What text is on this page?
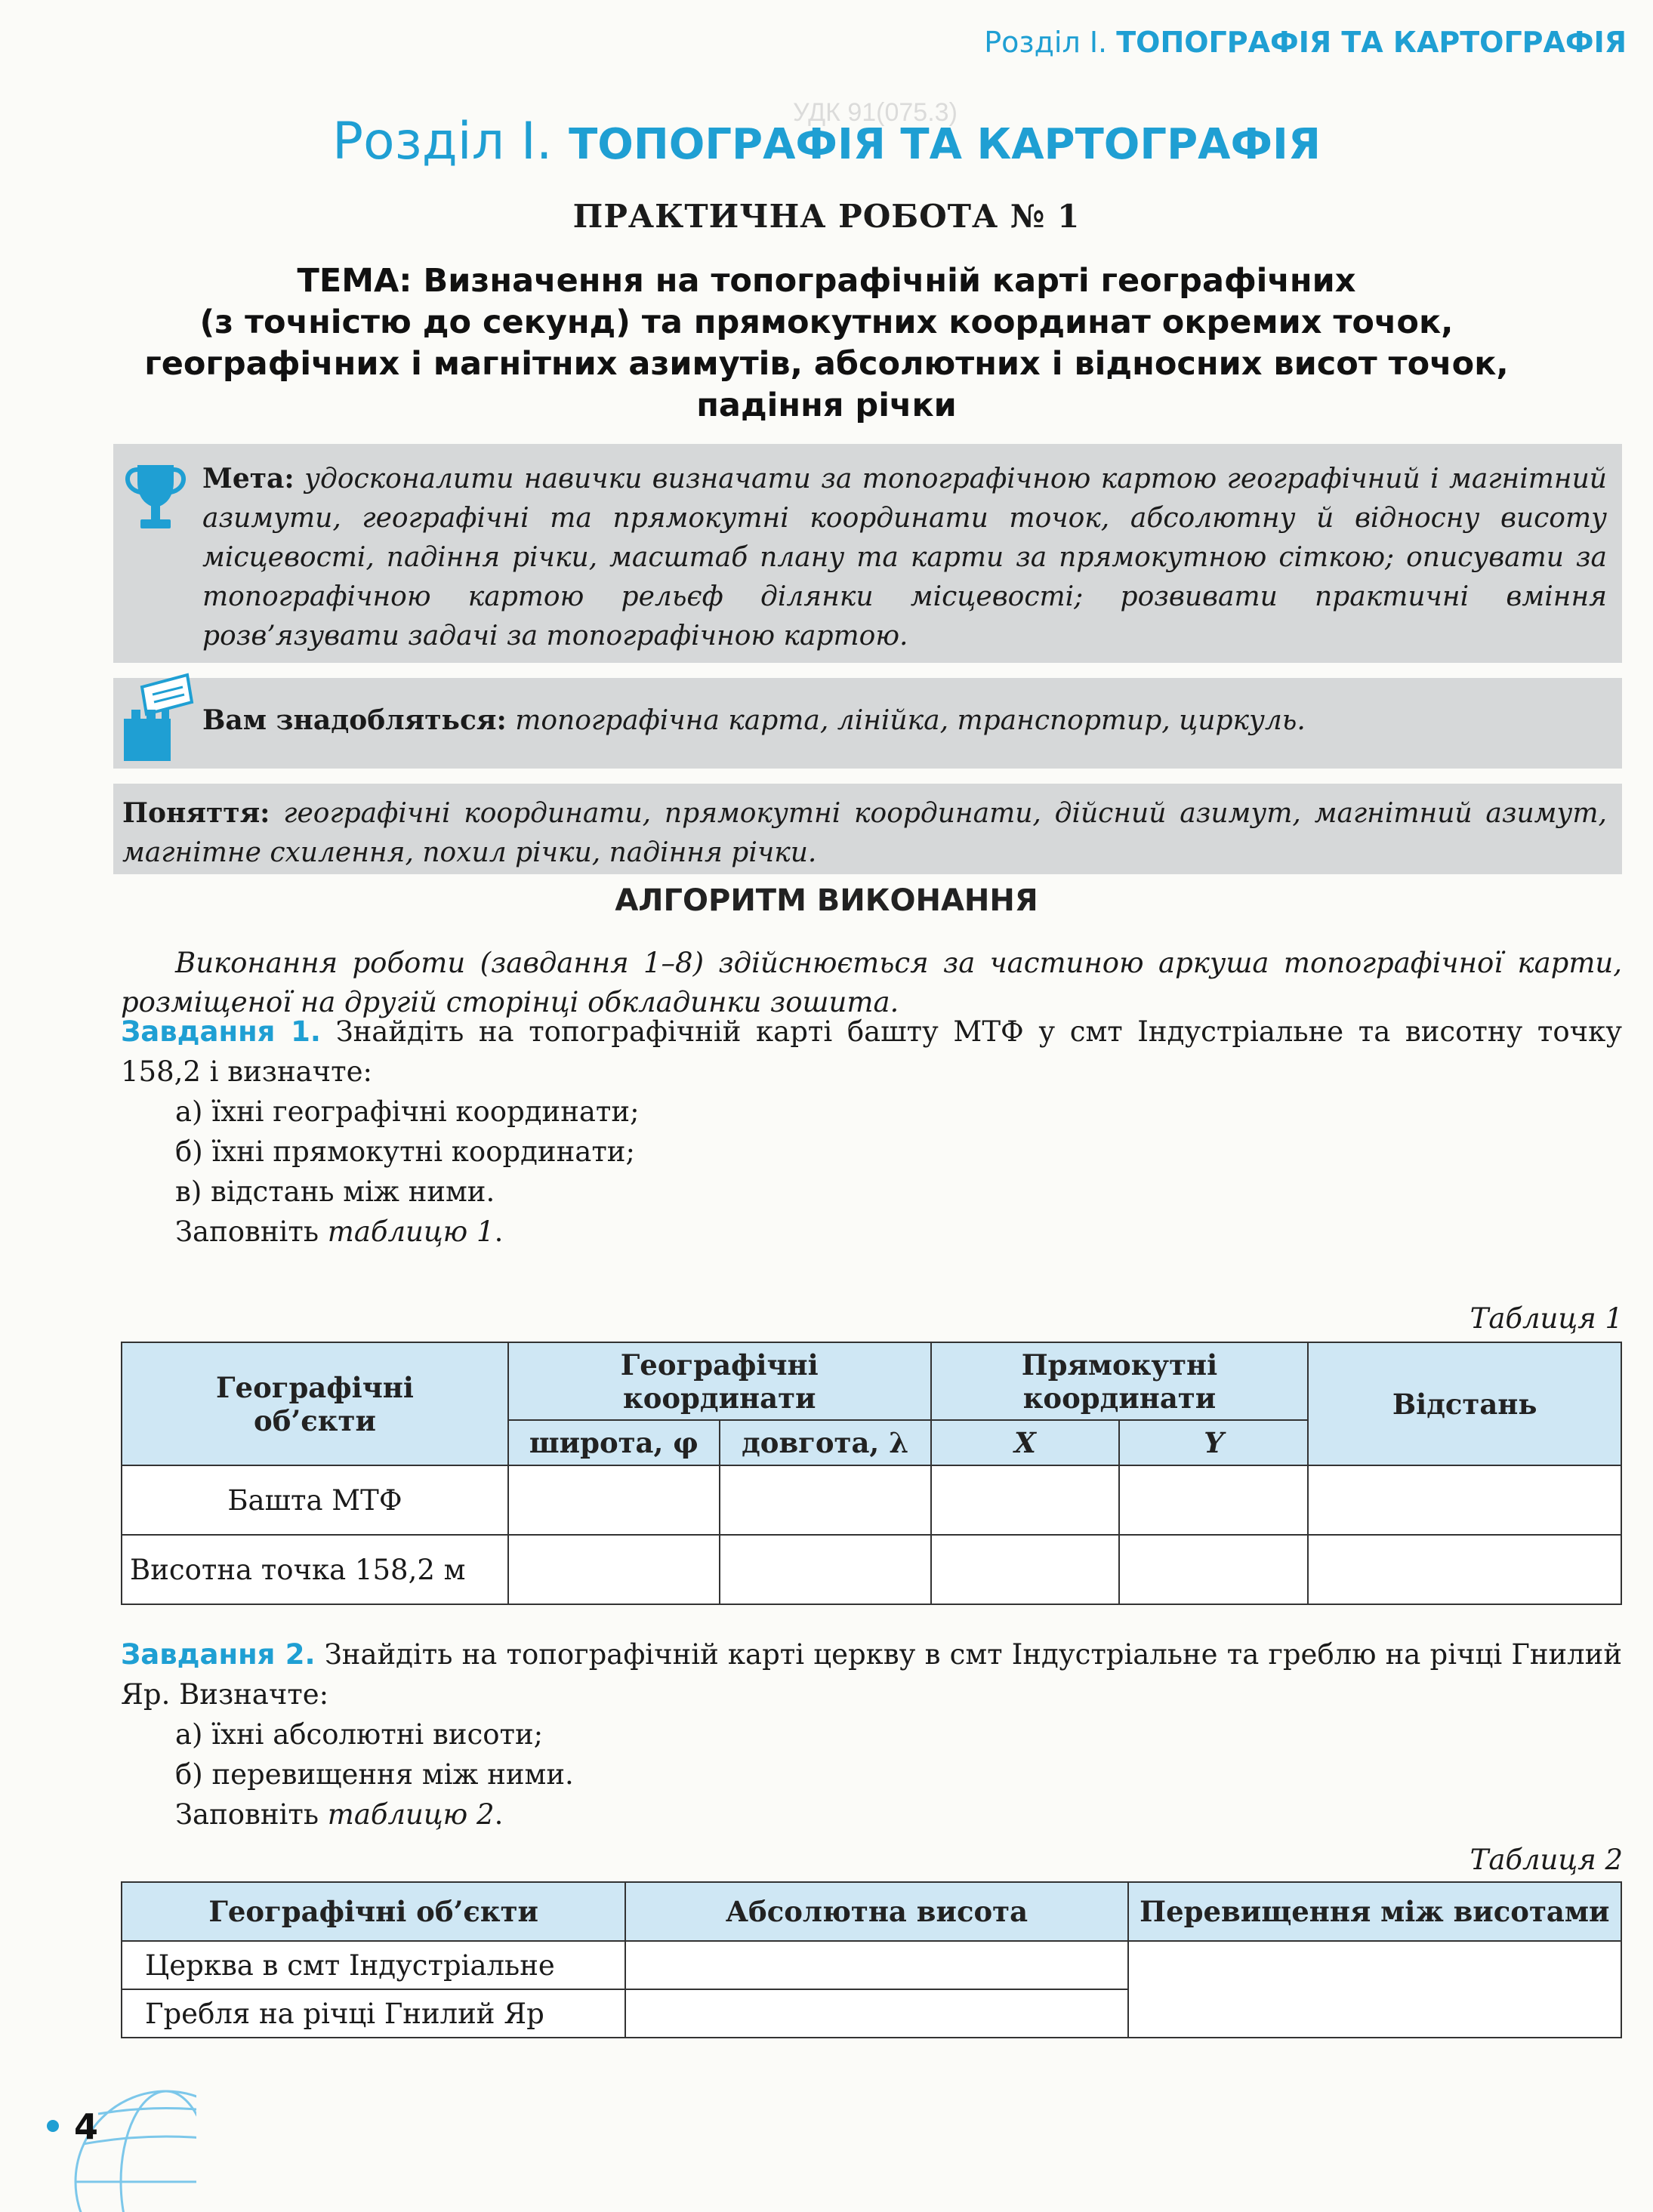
УДК 91(075.3)
Розділ I. ТОПОГРАФІЯ ТА КАРТОГРАФІЯ
Розділ I. ТОПОГРАФІЯ ТА КАРТОГРАФІЯ
ПРАКТИЧНА РОБОТА № 1
ТЕМА: Визначення на топографічній карті географічних
(з точністю до секунд) та прямокутних координат окремих точок,
географічних і магнітних азимутів, абсолютних і відносних висот точок,
падіння річки
Мета: удосконалити навички визначати за топографічною картою географічний і магнітний азимути, географічні та прямокутні координати точок, абсолютну й відносну висоту місцевості, падіння річки, масштаб плану та карти за прямокутною сіткою; описувати за топографічною картою рельєф ділянки місцевості; розвивати практичні вміння розв’язувати задачі за топографічною картою.
Вам знадобляться: топографічна карта, лінійка, транспортир, циркуль.
Поняття: географічні координати, прямокутні координати, дійсний азимут, магнітний азимут, магнітне схилення, похил річки, падіння річки.
АЛГОРИТМ ВИКОНАННЯ
Виконання роботи (завдання 1–8) здійснюється за частиною аркуша топографічної карти, розміщеної на другій сторінці обкладинки зошита.

Завдання 1. Знайдіть на топографічній карті башту МТФ у смт Індустріальне та висотну точку 158,2 і визначте:

а) їхні географічні координати;

б) їхні прямокутні координати;

в) відстань між ними.

Заповніть таблицю 1.

Таблиця 1
Географічні об’єкти	Географічні координати		Прямокутні координати		Відстань
	широта, φ	довгота, λ	X	Y	
Башта МТФ					
Висотна точка 158,2 м					

Завдання 2. Знайдіть на топографічній карті церкву в смт Індустріальне та греблю на річці Гнилий Яр. Визначте:

а) їхні абсолютні висоти;

б) перевищення між ними.

Заповніть таблицю 2.

Таблиця 2
Географічні об’єкти	Абсолютна висота	Перевищення між висотами
Церква в смт Індустріальне		
Гребля на річці Гнилий Яр		
4
